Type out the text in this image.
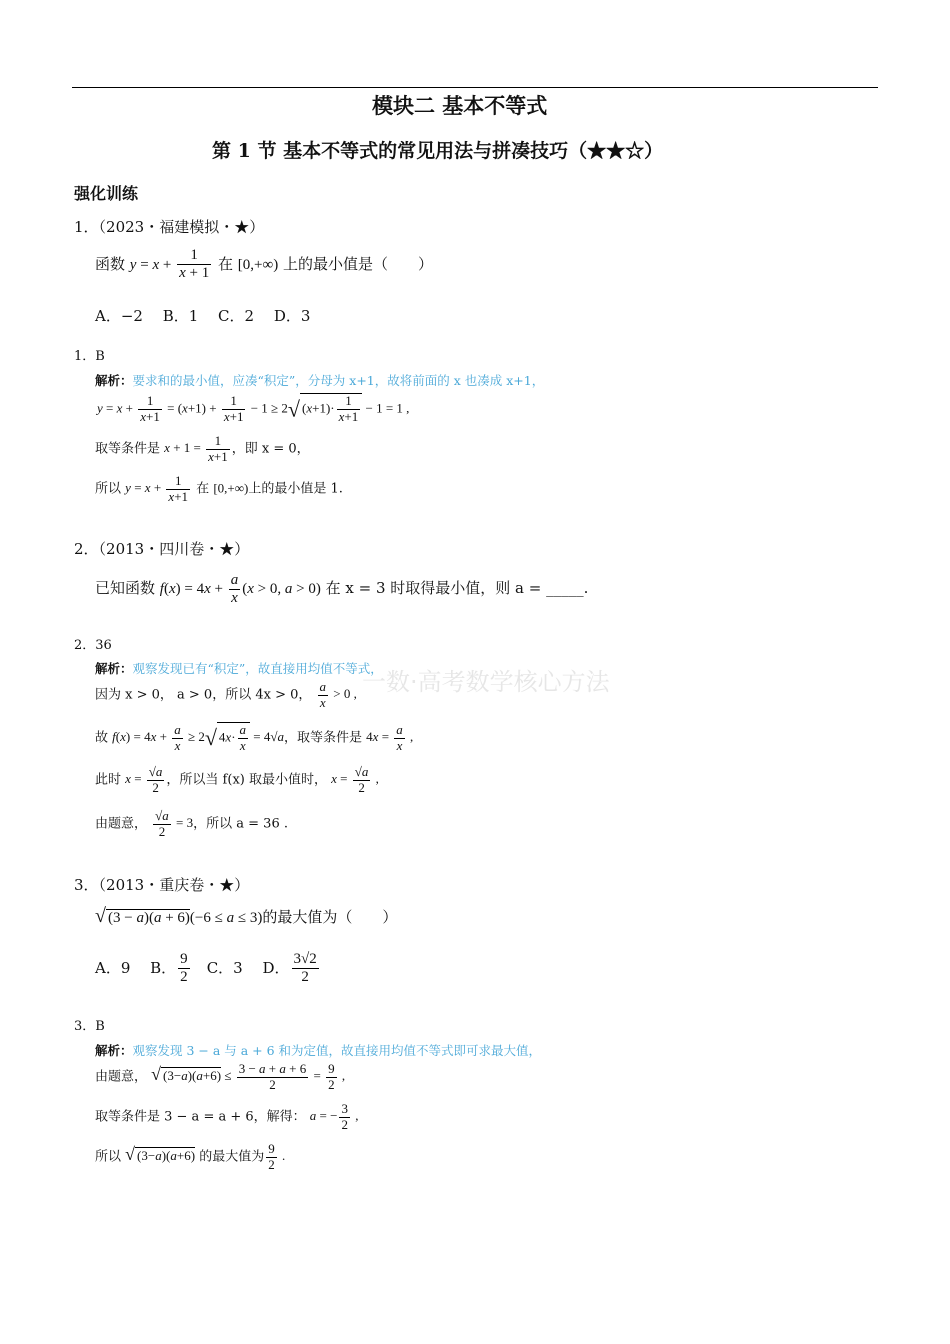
模块二 基本不等式
第 1 节 基本不等式的常见用法与拼凑技巧（★★☆）
强化训练
一数·高考数学核心方法
1．（2023・福建模拟・★）
函数 $y = x + \frac{1}{x + 1}$ 在 [0,+∞) 上的最小值是（　　）
A．−2　 B．1　 C．2　 D．3
1．B
解析：要求和的最小值，应凑“积定”，分母为 x+1，故将前面的 x 也凑成 x+1，
$y = x + \frac{1}{x+1} = (x+1) + \frac{1}{x+1} - 1 \ge 2√$ $(x+1)\cdot \frac{1}{x+1} - 1 = 1$ ,
取等条件是 $x + 1 = \frac{1}{x+1}$ ，即 x = 0，
所以 $y = x + \frac{1}{x+1}$ 在 [0,+∞)上的最小值是 1.
2．（2013・四川卷・★）
已知函数 $f(x) = 4x + \frac{a}{x} (x > 0$, a > 0) 在 x = 3 时取得最小值，则 a = _____.
2．36
解析：观察发现已有“积定”，故直接用均值不等式，
因为 x > 0， a > 0，所以 4x > 0， $\frac{a}{x} > 0$ ,
故 $f(x) = 4x + \frac{a}{x} \ge 2√$ $4x\cdot \frac{a}{x} = 4√a$，取等条件是 $4x = \frac{a}{x}$ ,
此时 $x = \frac{√a}{2}$ ，所以当 f(x) 取最小值时， $x = \frac{√a}{2}$ ,
由题意， $\frac{√a}{2} = 3$，所以 a = 36 .
3．（2013・重庆卷・★）
√ (3 − a)(a + 6)(−6 ≤ a ≤ 3)的最大值为（　　）
A．9　 B． $\frac{9}{2}$
　 C．3　 D． $\frac{3√2}{2}$
3．B
解析：观察发现 3 − a 与 a + 6 和为定值，故直接用均值不等式即可求最大值，
由题意， √ $(3-a)(a+6) \le \frac{3 - a + a + 6}{2} = \frac{9}{2}$ ,
取等条件是 3 − a = a + 6，解得： a = − $\frac{3}{2}$ ,
所以 √ (3−a)(a+6) 的最大值为 $\frac{9}{2}$ .
